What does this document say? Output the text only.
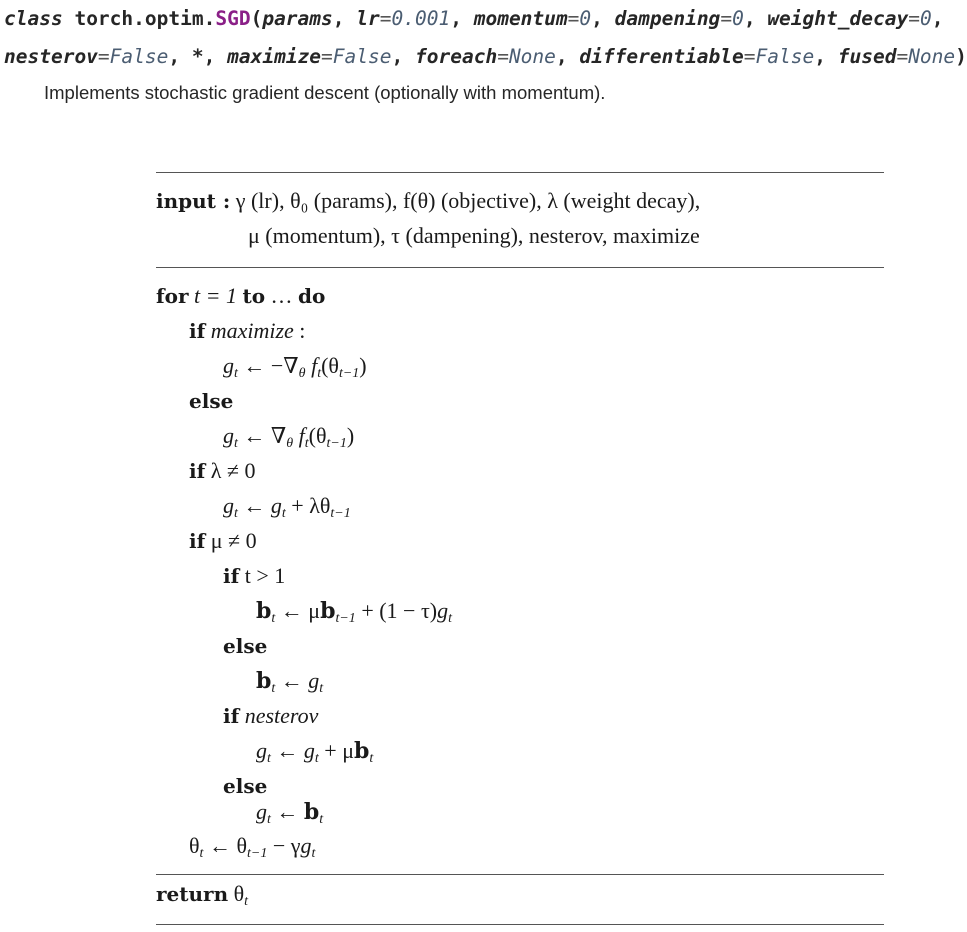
class torch.optim.SGD(params, lr=0.001, momentum=0, dampening=0, weight_decay=0,
nesterov=False, *, maximize=False, foreach=None, differentiable=False, fused=None)
Implements stochastic gradient descent (optionally with momentum).
input : γ (lr), θ₀ (params), f(θ) (objective), λ (weight decay),
μ (momentum), τ (dampening), nesterov, maximize
for t = 1 to … do
if maximize :
$g_t$ ← $-\nabla_\theta$ $f_t(\theta_{t-1})$
else
$g_t$ ← $\nabla_\theta$ $f_t(\theta_{t-1})$
if λ ≠ 0
$g_t$ ← $g_t + \lambda\theta_{t-1}$
if μ ≠ 0
if t > 1
$b_t$ ← $\mu b_{t-1} + (1 - \tau)g_t$
else
$b_t$ ← $g_t$
if nesterov
$g_t$ ← $g_t + \mu b_t$
else
$g_t$ ← $b_t$
$\theta_t$ ← $\theta_{t-1} - \gamma g_t$
return $\theta_t$
